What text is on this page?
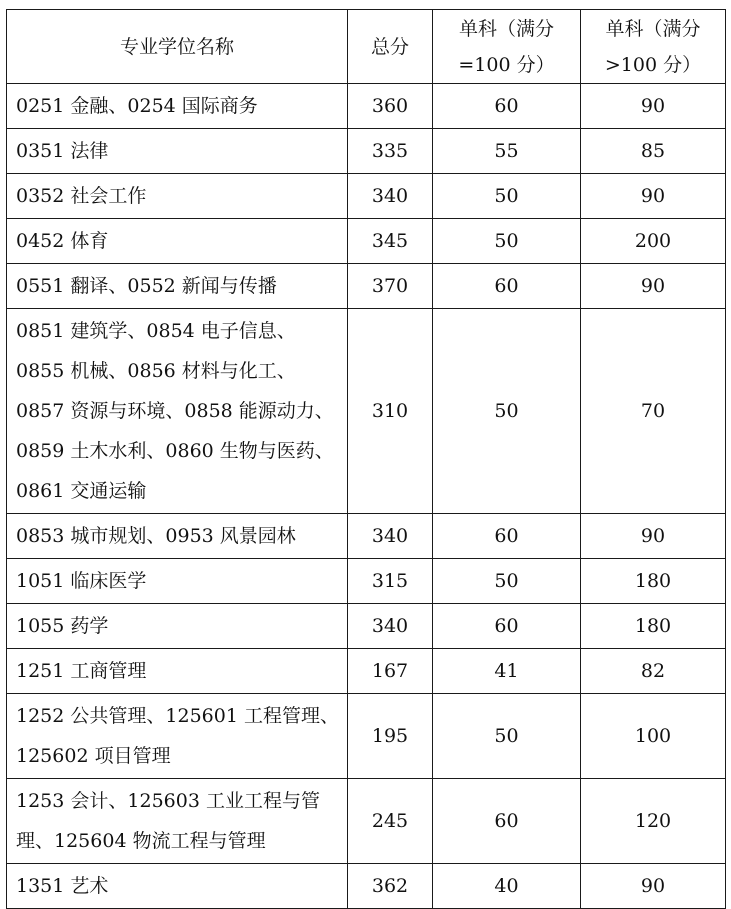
专业学位名称	总分	单科（满分=100 分）	单科（满分>100 分）
0251 金融、0254 国际商务	360	60	90
0351 法律	335	55	85
0352 社会工作	340	50	90
0452 体育	345	50	200
0551 翻译、0552 新闻与传播	370	60	90
0851 建筑学、0854 电子信息、0855 机械、0856 材料与化工、0857 资源与环境、0858 能源动力、0859 土木水利、0860 生物与医药、0861 交通运输	310	50	70
0853 城市规划、0953 风景园林	340	60	90
1051 临床医学	315	50	180
1055 药学	340	60	180
1251 工商管理	167	41	82
1252 公共管理、125601 工程管理、125602 项目管理	195	50	100
1253 会计、125603 工业工程与管理、125604 物流工程与管理	245	60	120
1351 艺术	362	40	90
